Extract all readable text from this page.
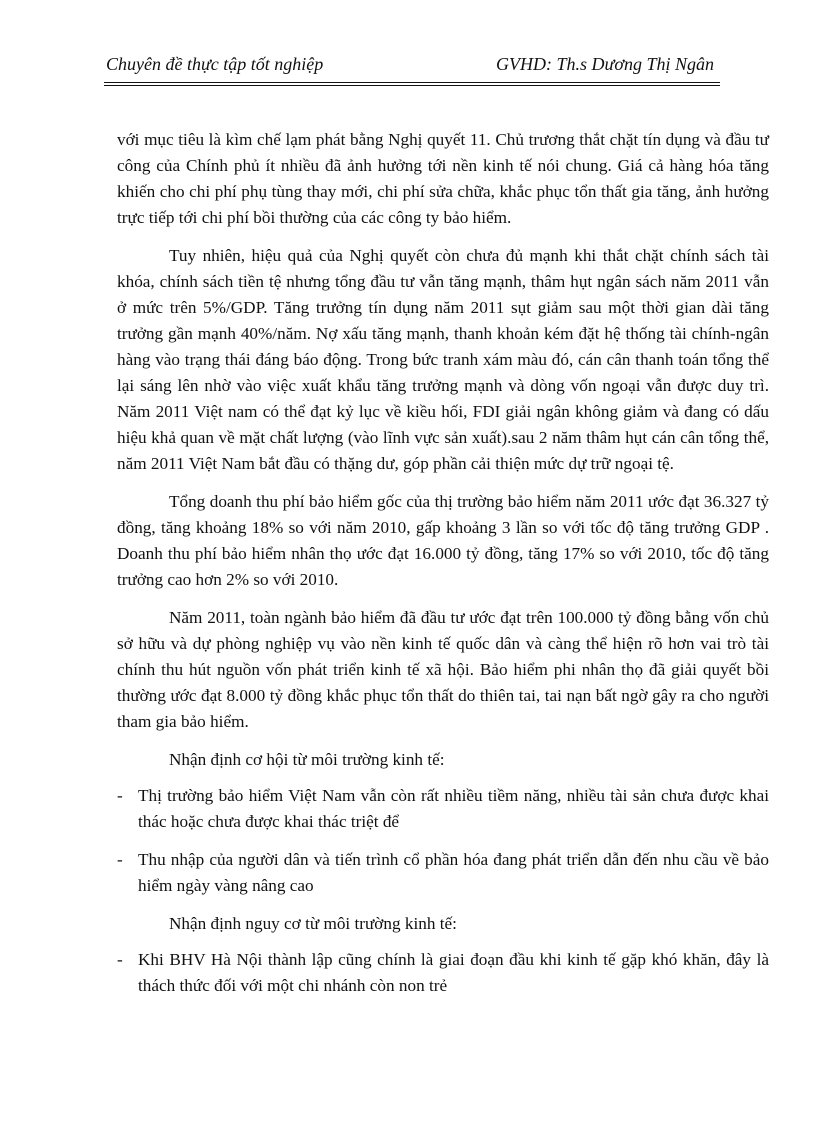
Chuyên đề thực tập tốt nghiệp	GVHD: Th.s Dương Thị Ngân

với mục tiêu là kìm chế lạm phát bằng Nghị quyết 11. Chủ trương thắt chặt tín dụng và đầu tư công của Chính phủ ít nhiều đã ảnh hưởng tới nền kinh tế nói chung. Giá cả hàng hóa tăng khiến cho chi phí phụ tùng thay mới, chi phí sửa chữa, khắc phục tổn thất gia tăng, ảnh hưởng trực tiếp tới chi phí bồi thường của các công ty bảo hiểm.

Tuy nhiên, hiệu quả của Nghị quyết còn chưa đủ mạnh khi thắt chặt chính sách tài khóa, chính sách tiền tệ nhưng tổng đầu tư vẫn tăng mạnh, thâm hụt ngân sách năm 2011 vẫn ở mức trên 5%/GDP. Tăng trưởng tín dụng năm 2011 sụt giảm sau một thời gian dài tăng trưởng gần mạnh 40%/năm. Nợ xấu tăng mạnh, thanh khoản kém đặt hệ thống tài chính-ngân hàng vào trạng thái đáng báo động. Trong bức tranh xám màu đó, cán cân thanh toán tổng thể lại sáng lên nhờ vào việc xuất khẩu tăng trưởng mạnh và dòng vốn ngoại vẫn được duy trì. Năm 2011 Việt nam có thể đạt kỷ lục về kiều hối, FDI giải ngân không giảm và đang có dấu hiệu khả quan về mặt chất lượng (vào lĩnh vực sản xuất).sau 2 năm thâm hụt cán cân tổng thể, năm 2011 Việt Nam bắt đầu có thặng dư, góp phần cải thiện mức dự trữ ngoại tệ.

Tổng doanh thu phí bảo hiểm gốc của thị trường bảo hiểm năm 2011 ước đạt 36.327 tỷ đồng, tăng khoảng 18% so với năm 2010, gấp khoảng 3 lần so với tốc độ tăng trưởng GDP . Doanh thu phí bảo hiểm nhân thọ ước đạt 16.000 tỷ đồng, tăng 17% so với 2010, tốc độ tăng trưởng cao hơn 2% so với 2010.

Năm 2011, toàn ngành bảo hiểm đã đầu tư ước đạt trên 100.000 tỷ đồng bằng vốn chủ sở hữu và dự phòng nghiệp vụ vào nền kinh tế quốc dân và càng thể hiện rõ hơn vai trò tài chính thu hút nguồn vốn phát triển kinh tế xã hội. Bảo hiểm phi nhân thọ đã giải quyết bồi thường ước đạt 8.000 tỷ đồng khắc phục tổn thất do thiên tai, tai nạn bất ngờ gây ra cho người tham gia bảo hiểm.

Nhận định cơ hội từ môi trường kinh tế:

- Thị trường bảo hiểm Việt Nam vẫn còn rất nhiều tiềm năng, nhiều tài sản chưa được khai thác hoặc chưa được khai thác triệt để
- Thu nhập của người dân và tiến trình cổ phần hóa đang phát triển dẫn đến nhu cầu về bảo hiểm ngày vàng nâng cao

Nhận định nguy cơ từ môi trường kinh tế:

- Khi BHV Hà Nội thành lập cũng chính là giai đoạn đầu khi kinh tế gặp khó khăn, đây là thách thức đối với một chi nhánh còn non trẻ
